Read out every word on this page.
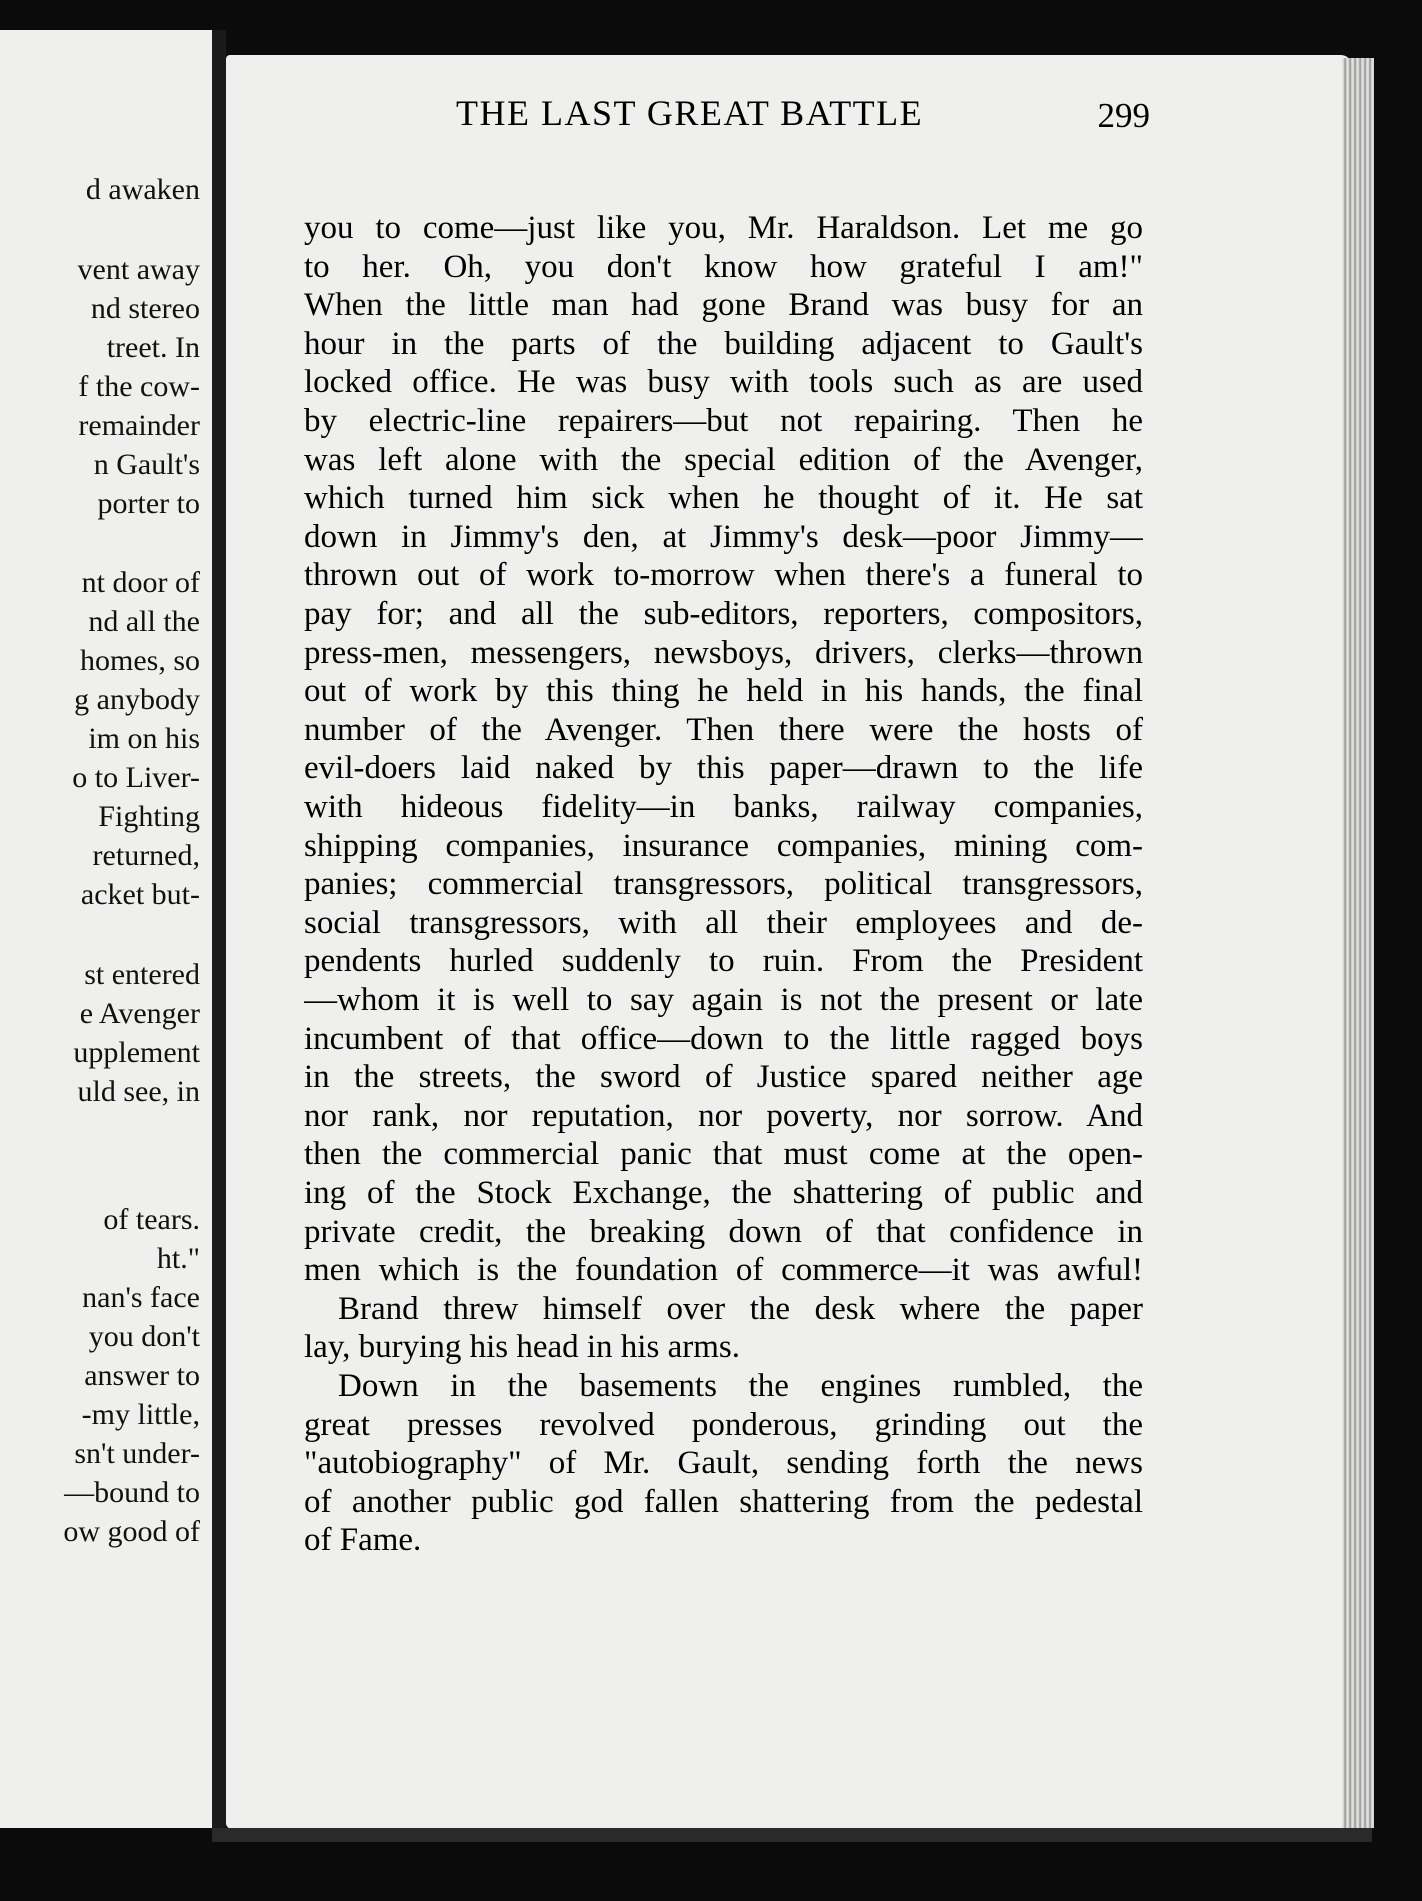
d awaken
vent away
nd stereo
treet. In
f the cow-
remainder
n Gault's
porter to
nt door of
nd all the
homes, so
g anybody
im on his
o to Liver-
Fighting
returned,
acket but-
st entered
e Avenger
upplement
uld see, in
of tears.
ht."
nan's face
you don't
answer to
-my little,
sn't under-
—bound to
ow good of
THE LAST GREAT BATTLE	299
you to come—just like you, Mr. Haraldson. Let me go
to her. Oh, you don't know how grateful I am!"
When the little man had gone Brand was busy for an
hour in the parts of the building adjacent to Gault's
locked office. He was busy with tools such as are used
by electric-line repairers—but not repairing. Then he
was left alone with the special edition of the Avenger,
which turned him sick when he thought of it. He sat
down in Jimmy's den, at Jimmy's desk—poor Jimmy—
thrown out of work to-morrow when there's a funeral to
pay for; and all the sub-editors, reporters, compositors,
press-men, messengers, newsboys, drivers, clerks—thrown
out of work by this thing he held in his hands, the final
number of the Avenger. Then there were the hosts of
evil-doers laid naked by this paper—drawn to the life
with hideous fidelity—in banks, railway companies,
shipping companies, insurance companies, mining com-
panies; commercial transgressors, political transgressors,
social transgressors, with all their employees and de-
pendents hurled suddenly to ruin. From the President
—whom it is well to say again is not the present or late
incumbent of that office—down to the little ragged boys
in the streets, the sword of Justice spared neither age
nor rank, nor reputation, nor poverty, nor sorrow. And
then the commercial panic that must come at the open-
ing of the Stock Exchange, the shattering of public and
private credit, the breaking down of that confidence in
men which is the foundation of commerce—it was awful!
Brand threw himself over the desk where the paper
lay, burying his head in his arms.
Down in the basements the engines rumbled, the
great presses revolved ponderous, grinding out the
"autobiography" of Mr. Gault, sending forth the news
of another public god fallen shattering from the pedestal
of Fame.
